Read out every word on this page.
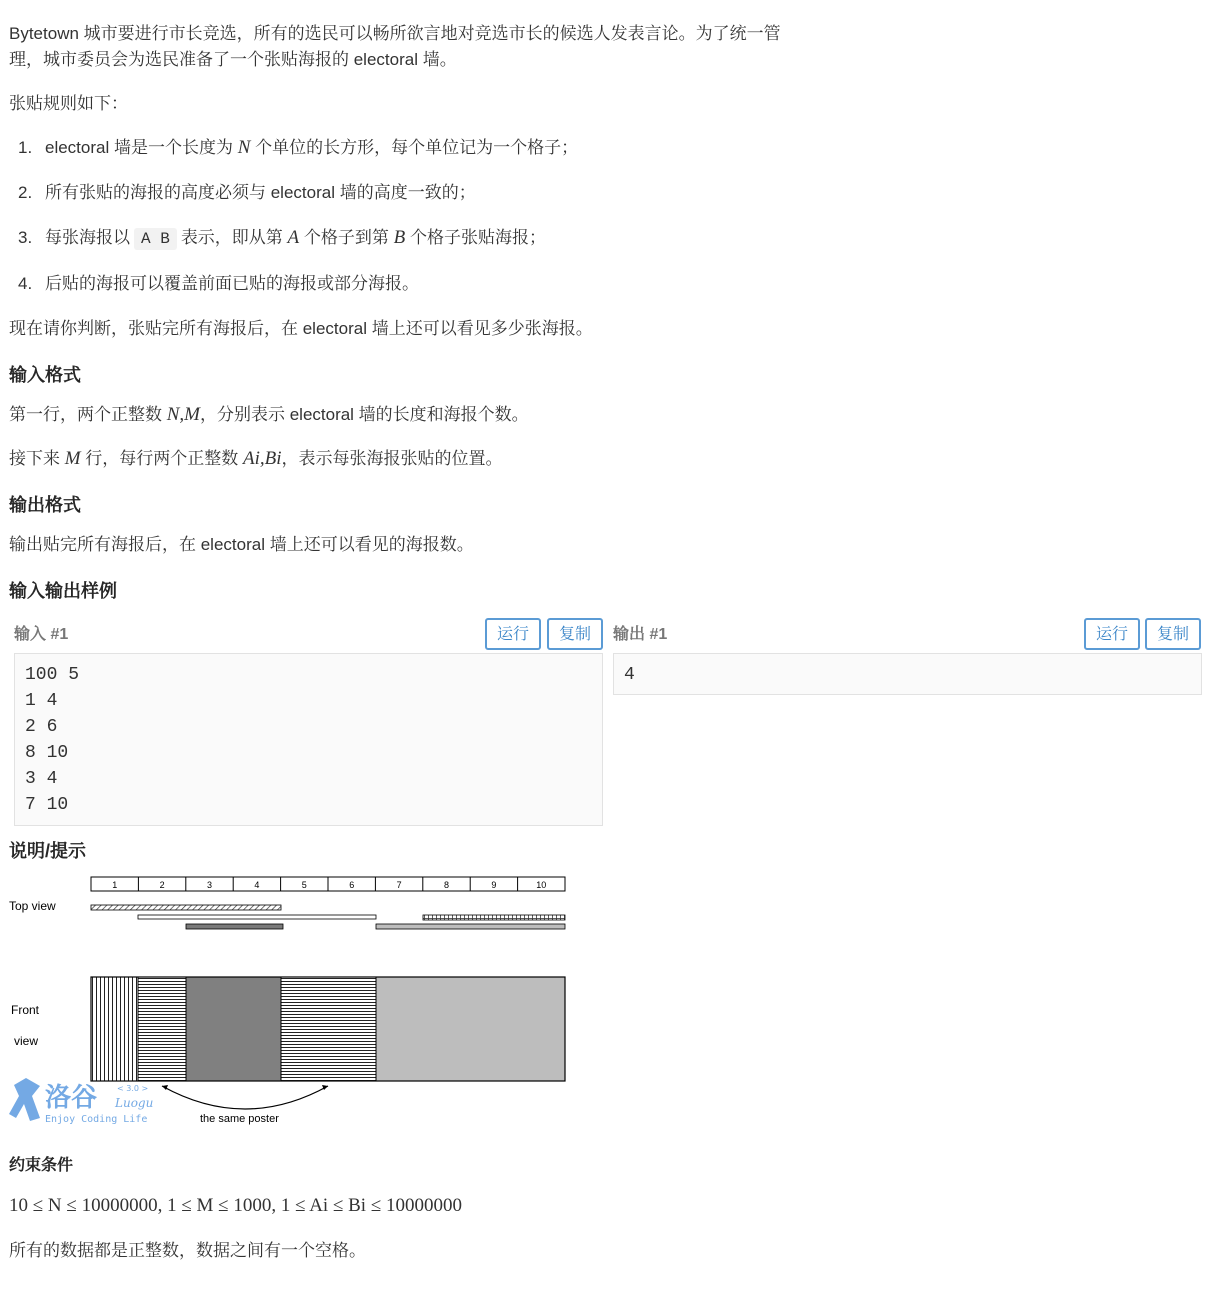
Bytetown 城市要进行市长竞选，所有的选民可以畅所欲言地对竞选市长的候选人发表言论。为了统一管
理，城市委员会为选民准备了一个张贴海报的 electoral 墙。
张贴规则如下：
1. electoral 墙是一个长度为 N 个单位的长方形，每个单位记为一个格子；
2. 所有张贴的海报的高度必须与 electoral 墙的高度一致的；
3. 每张海报以 A B 表示，即从第 A 个格子到第 B 个格子张贴海报；
4. 后贴的海报可以覆盖前面已贴的海报或部分海报。
现在请你判断，张贴完所有海报后，在 electoral 墙上还可以看见多少张海报。
输入格式
第一行，两个正整数 N,M，分别表示 electoral 墙的长度和海报个数。
接下来 M 行，每行两个正整数 Ai,Bi，表示每张海报张贴的位置。
输出格式
输出贴完所有海报后，在 electoral 墙上还可以看见的海报数。
输入输出样例
输入 #1	运行	复制
100 5
1 4
2 6
8 10
3 4
7 10
输出 #1	运行	复制
4
说明/提示
1	2	3	4	5	6	7	8	9	10
Top view
Front
view
the same poster
洛谷 < 3.0 >
Luogu
Enjoy Coding Life
约束条件
10 ≤ N ≤ 10000000, 1 ≤ M ≤ 1000, 1 ≤ Ai ≤ Bi ≤ 10000000
所有的数据都是正整数，数据之间有一个空格。
